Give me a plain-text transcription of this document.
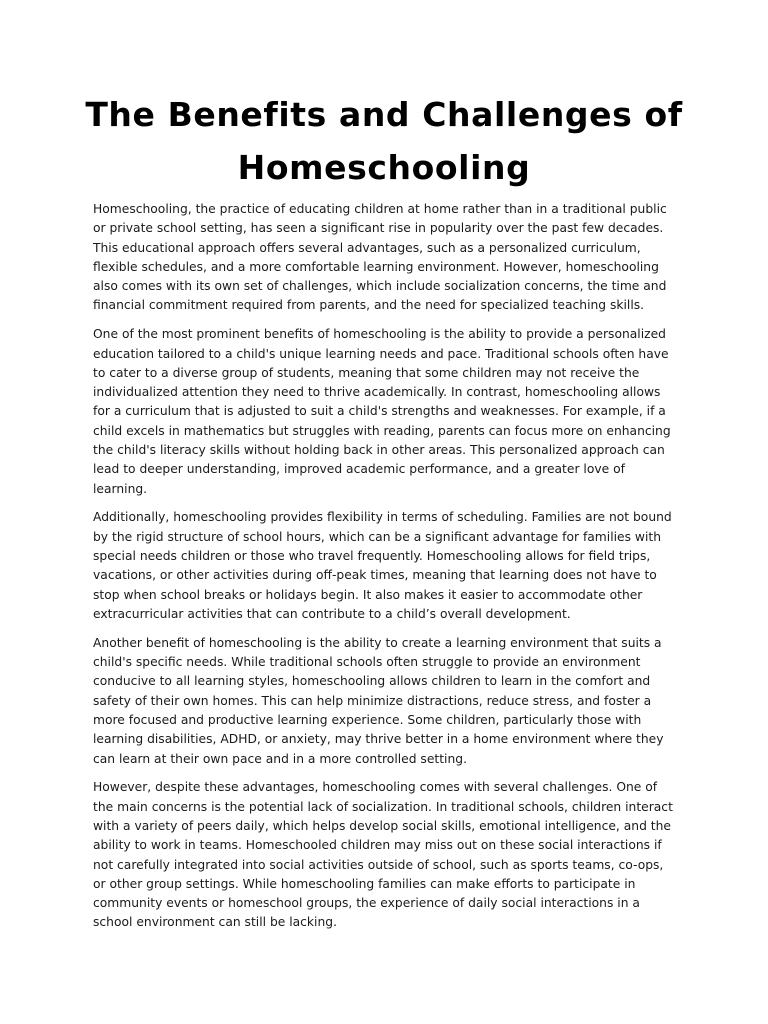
The Benefits and Challenges of Homeschooling

Homeschooling, the practice of educating children at home rather than in a traditional public or private school setting, has seen a significant rise in popularity over the past few decades. This educational approach offers several advantages, such as a personalized curriculum, flexible schedules, and a more comfortable learning environment. However, homeschooling also comes with its own set of challenges, which include socialization concerns, the time and financial commitment required from parents, and the need for specialized teaching skills.

One of the most prominent benefits of homeschooling is the ability to provide a personalized education tailored to a child's unique learning needs and pace. Traditional schools often have to cater to a diverse group of students, meaning that some children may not receive the individualized attention they need to thrive academically. In contrast, homeschooling allows for a curriculum that is adjusted to suit a child's strengths and weaknesses. For example, if a child excels in mathematics but struggles with reading, parents can focus more on enhancing the child's literacy skills without holding back in other areas. This personalized approach can lead to deeper understanding, improved academic performance, and a greater love of learning.

Additionally, homeschooling provides flexibility in terms of scheduling. Families are not bound by the rigid structure of school hours, which can be a significant advantage for families with special needs children or those who travel frequently. Homeschooling allows for field trips, vacations, or other activities during off-peak times, meaning that learning does not have to stop when school breaks or holidays begin. It also makes it easier to accommodate other extracurricular activities that can contribute to a child’s overall development.

Another benefit of homeschooling is the ability to create a learning environment that suits a child's specific needs. While traditional schools often struggle to provide an environment conducive to all learning styles, homeschooling allows children to learn in the comfort and safety of their own homes. This can help minimize distractions, reduce stress, and foster a more focused and productive learning experience. Some children, particularly those with learning disabilities, ADHD, or anxiety, may thrive better in a home environment where they can learn at their own pace and in a more controlled setting.

However, despite these advantages, homeschooling comes with several challenges. One of the main concerns is the potential lack of socialization. In traditional schools, children interact with a variety of peers daily, which helps develop social skills, emotional intelligence, and the ability to work in teams. Homeschooled children may miss out on these social interactions if not carefully integrated into social activities outside of school, such as sports teams, co-ops, or other group settings. While homeschooling families can make efforts to participate in community events or homeschool groups, the experience of daily social interactions in a school environment can still be lacking.
